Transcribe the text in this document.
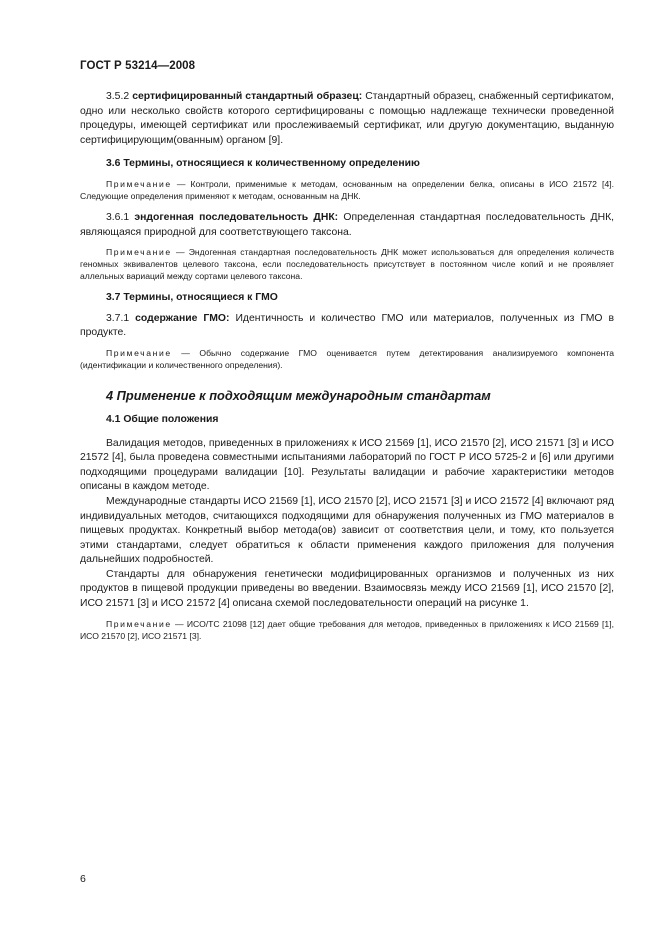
ГОСТ Р 53214—2008

3.5.2 сертифицированный стандартный образец: Стандартный образец, снабженный сертификатом, одно или несколько свойств которого сертифицированы с помощью надлежаще технически проведенной процедуры, имеющей сертификат или прослеживаемый сертификат, или другую документацию, выданную сертифицирующим(ованным) органом [9].

3.6 Термины, относящиеся к количественному определению

Примечание — Контроли, применимые к методам, основанным на определении белка, описаны в ИСО 21572 [4]. Следующие определения применяют к методам, основанным на ДНК.

3.6.1 эндогенная последовательность ДНК: Определенная стандартная последовательность ДНК, являющаяся природной для соответствующего таксона.

Примечание — Эндогенная стандартная последовательность ДНК может использоваться для определения количеств геномных эквивалентов целевого таксона, если последовательность присутствует в постоянном числе копий и не проявляет аллельных вариаций между сортами целевого таксона.

3.7 Термины, относящиеся к ГМО

3.7.1 содержание ГМО: Идентичность и количество ГМО или материалов, полученных из ГМО в продукте.

Примечание — Обычно содержание ГМО оценивается путем детектирования анализируемого компонента (идентификации и количественного определения).

4 Применение к подходящим международным стандартам

4.1 Общие положения

Валидация методов, приведенных в приложениях к ИСО 21569 [1], ИСО 21570 [2], ИСО 21571 [3] и ИСО 21572 [4], была проведена совместными испытаниями лабораторий по ГОСТ Р ИСО 5725-2 и [6] или другими подходящими процедурами валидации [10]. Результаты валидации и рабочие характеристики методов описаны в каждом методе.

Международные стандарты ИСО 21569 [1], ИСО 21570 [2], ИСО 21571 [3] и ИСО 21572 [4] включают ряд индивидуальных методов, считающихся подходящими для обнаружения полученных из ГМО материалов в пищевых продуктах. Конкретный выбор метода(ов) зависит от соответствия цели, и тому, кто пользуется этими стандартами, следует обратиться к области применения каждого приложения для получения дальнейших подробностей.

Стандарты для обнаружения генетически модифицированных организмов и полученных из них продуктов в пищевой продукции приведены во введении. Взаимосвязь между ИСО 21569 [1], ИСО 21570 [2], ИСО 21571 [3] и ИСО 21572 [4] описана схемой последовательности операций на рисунке 1.

Примечание — ИСО/ТС 21098 [12] дает общие требования для методов, приведенных в приложениях к ИСО 21569 [1], ИСО 21570 [2], ИСО 21571 [3].

6
